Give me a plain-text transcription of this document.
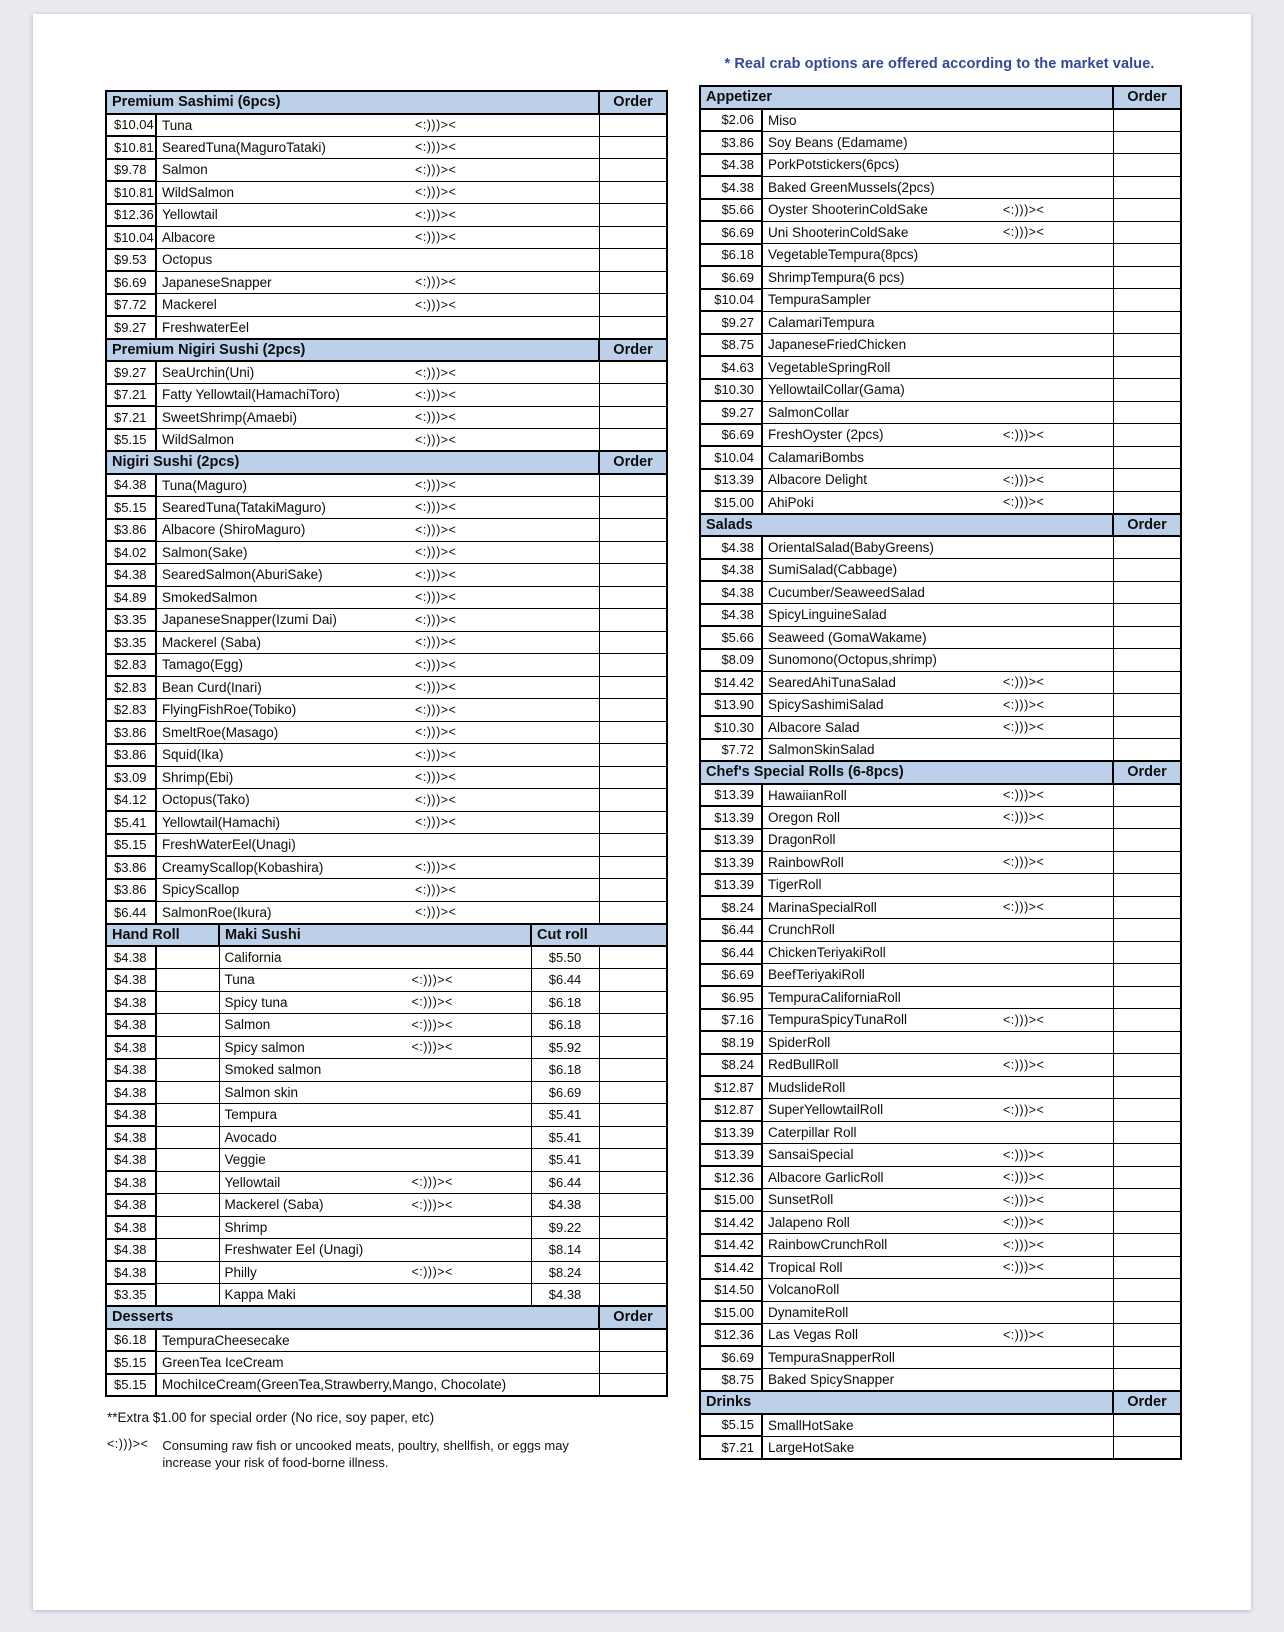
Premium Sashimi (6pcs)				Order
$10.04	Tuna <:)))><			

$10.81	SearedTuna(MaguroTataki) <:)))><			

$9.78	Salmon <:)))><			

$10.81	WildSalmon <:)))><			

$12.36	Yellowtail <:)))><			

$10.04	Albacore <:)))><			

$9.53	Octopus			
$6.69	JapaneseSnapper <:)))><			

$7.72	Mackerel <:)))><			

$9.27	FreshwaterEel			
Premium Nigiri Sushi (2pcs)				Order
$9.27	SeaUrchin(Uni) <:)))><			

$7.21	Fatty Yellowtail(HamachiToro) <:)))><			

$7.21	SweetShrimp(Amaebi) <:)))><			

$5.15	WildSalmon <:)))><			

Nigiri Sushi (2pcs)				Order
$4.38	Tuna(Maguro) <:)))><			

$5.15	SearedTuna(TatakiMaguro) <:)))><			

$3.86	Albacore (ShiroMaguro) <:)))><			

$4.02	Salmon(Sake) <:)))><			

$4.38	SearedSalmon(AburiSake) <:)))><			

$4.89	SmokedSalmon <:)))><			

$3.35	JapaneseSnapper(Izumi Dai) <:)))><			

$3.35	Mackerel (Saba) <:)))><			

$2.83	Tamago(Egg) <:)))><			

$2.83	Bean Curd(Inari) <:)))><			

$2.83	FlyingFishRoe(Tobiko) <:)))><			

$3.86	SmeltRoe(Masago) <:)))><			

$3.86	Squid(Ika) <:)))><			

$3.09	Shrimp(Ebi) <:)))><			

$4.12	Octopus(Tako) <:)))><			

$5.41	Yellowtail(Hamachi) <:)))><			

$5.15	FreshWaterEel(Unagi)			
$3.86	CreamyScallop(Kobashira) <:)))><			

$3.86	SpicyScallop <:)))><			

$6.44	SalmonRoe(Ikura) <:)))><			

Hand Roll		Maki Sushi	Cut roll	
$4.38		California	$5.50	
$4.38		Tuna <:)))><	$6.44	
$4.38		Spicy tuna <:)))><	$6.18	
$4.38		Salmon <:)))><	$6.18	
$4.38		Spicy salmon <:)))><	$5.92	
$4.38		Smoked salmon	$6.18	
$4.38		Salmon skin	$6.69	
$4.38		Tempura	$5.41	
$4.38		Avocado	$5.41	
$4.38		Veggie	$5.41	
$4.38		Yellowtail <:)))><	$6.44	
$4.38		Mackerel (Saba) <:)))><	$4.38	
$4.38		Shrimp	$9.22	
$4.38		Freshwater Eel (Unagi)	$8.14	
$4.38		Philly <:)))><	$8.24	
$3.35		Kappa Maki	$4.38	
Desserts				Order
$6.18	TempuraCheesecake			
$5.15	GreenTea IceCream			
$5.15	MochiIceCream(GreenTea,Strawberry,Mango, Chocolate)			
**Extra $1.00 for special order (No rice, soy paper, etc)
<:)))>< Consuming raw fish or uncooked meats, poultry, shellfish, or eggs may
increase your risk of food-borne illness.
* Real crab options are offered according to the market value.
Appetizer		Order
$2.06	Miso	
$3.86	Soy Beans (Edamame)	
$4.38	PorkPotstickers(6pcs)	
$4.38	Baked GreenMussels(2pcs)	
$5.66	Oyster ShooterinColdSake <:)))><	

$6.69	Uni ShooterinColdSake <:)))><	

$6.18	VegetableTempura(8pcs)	
$6.69	ShrimpTempura(6 pcs)	
$10.04	TempuraSampler	
$9.27	CalamariTempura	
$8.75	JapaneseFriedChicken	
$4.63	VegetableSpringRoll	
$10.30	YellowtailCollar(Gama)	
$9.27	SalmonCollar	
$6.69	FreshOyster (2pcs) <:)))><	

$10.04	CalamariBombs	
$13.39	Albacore Delight <:)))><	

$15.00	AhiPoki <:)))><	

Salads		Order
$4.38	OrientalSalad(BabyGreens)	
$4.38	SumiSalad(Cabbage)	
$4.38	Cucumber/SeaweedSalad	
$4.38	SpicyLinguineSalad	
$5.66	Seaweed (GomaWakame)	
$8.09	Sunomono(Octopus,shrimp)	
$14.42	SearedAhiTunaSalad <:)))><	

$13.90	SpicySashimiSalad <:)))><	

$10.30	Albacore Salad <:)))><	

$7.72	SalmonSkinSalad	
Chef's Special Rolls (6-8pcs)		Order
$13.39	HawaiianRoll <:)))><	

$13.39	Oregon Roll <:)))><	

$13.39	DragonRoll	
$13.39	RainbowRoll <:)))><	

$13.39	TigerRoll	
$8.24	MarinaSpecialRoll <:)))><	

$6.44	CrunchRoll	
$6.44	ChickenTeriyakiRoll	
$6.69	BeefTeriyakiRoll	
$6.95	TempuraCaliforniaRoll	
$7.16	TempuraSpicyTunaRoll <:)))><	

$8.19	SpiderRoll	
$8.24	RedBullRoll <:)))><	

$12.87	MudslideRoll	
$12.87	SuperYellowtailRoll <:)))><	

$13.39	Caterpillar Roll	
$13.39	SansaiSpecial <:)))><	

$12.36	Albacore GarlicRoll <:)))><	

$15.00	SunsetRoll <:)))><	

$14.42	Jalapeno Roll <:)))><	

$14.42	RainbowCrunchRoll <:)))><	

$14.42	Tropical Roll <:)))><	

$14.50	VolcanoRoll	
$15.00	DynamiteRoll	
$12.36	Las Vegas Roll <:)))><	

$6.69	TempuraSnapperRoll	
$8.75	Baked SpicySnapper	
Drinks		Order
$5.15	SmallHotSake	
$7.21	LargeHotSake	
